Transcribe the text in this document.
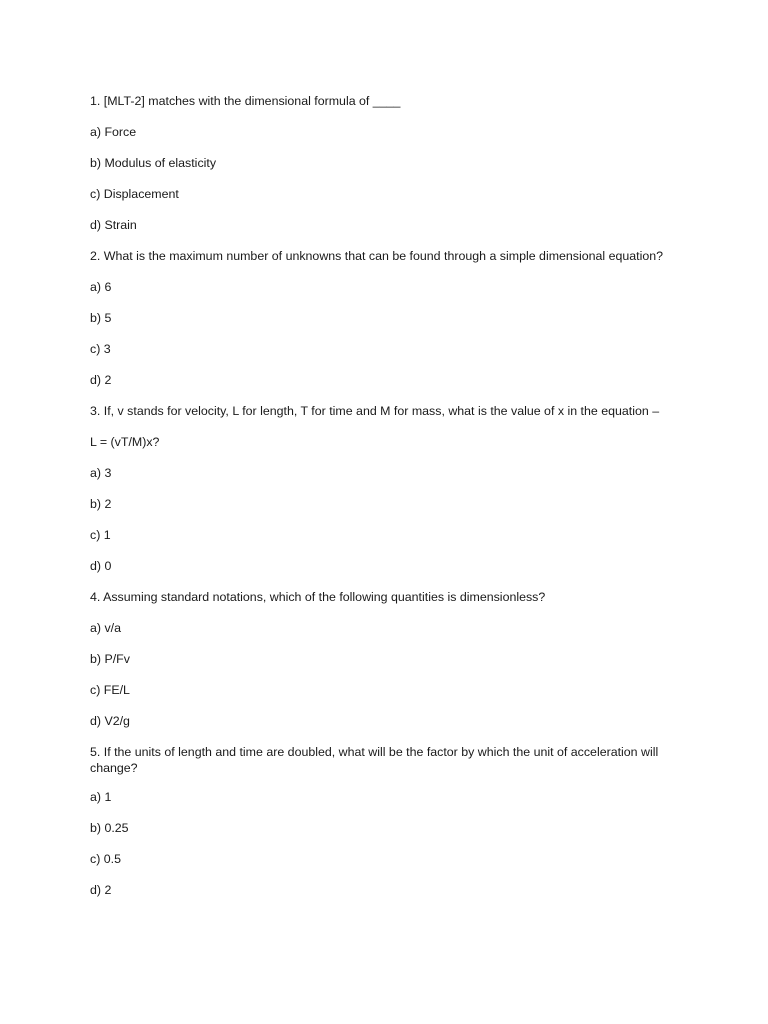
1. [MLT-2] matches with the dimensional formula of ____

a) Force

b) Modulus of elasticity

c) Displacement

d) Strain

2. What is the maximum number of unknowns that can be found through a simple dimensional equation?

a) 6

b) 5

c) 3

d) 2

3. If, v stands for velocity, L for length, T for time and M for mass, what is the value of x in the equation –

L = (vT/M)x?

a) 3

b) 2

c) 1

d) 0

4. Assuming standard notations, which of the following quantities is dimensionless?

a) v/a

b) P/Fv

c) FE/L

d) V2/g

5. If the units of length and time are doubled, what will be the factor by which the unit of acceleration will change?

a) 1

b) 0.25

c) 0.5

d) 2
